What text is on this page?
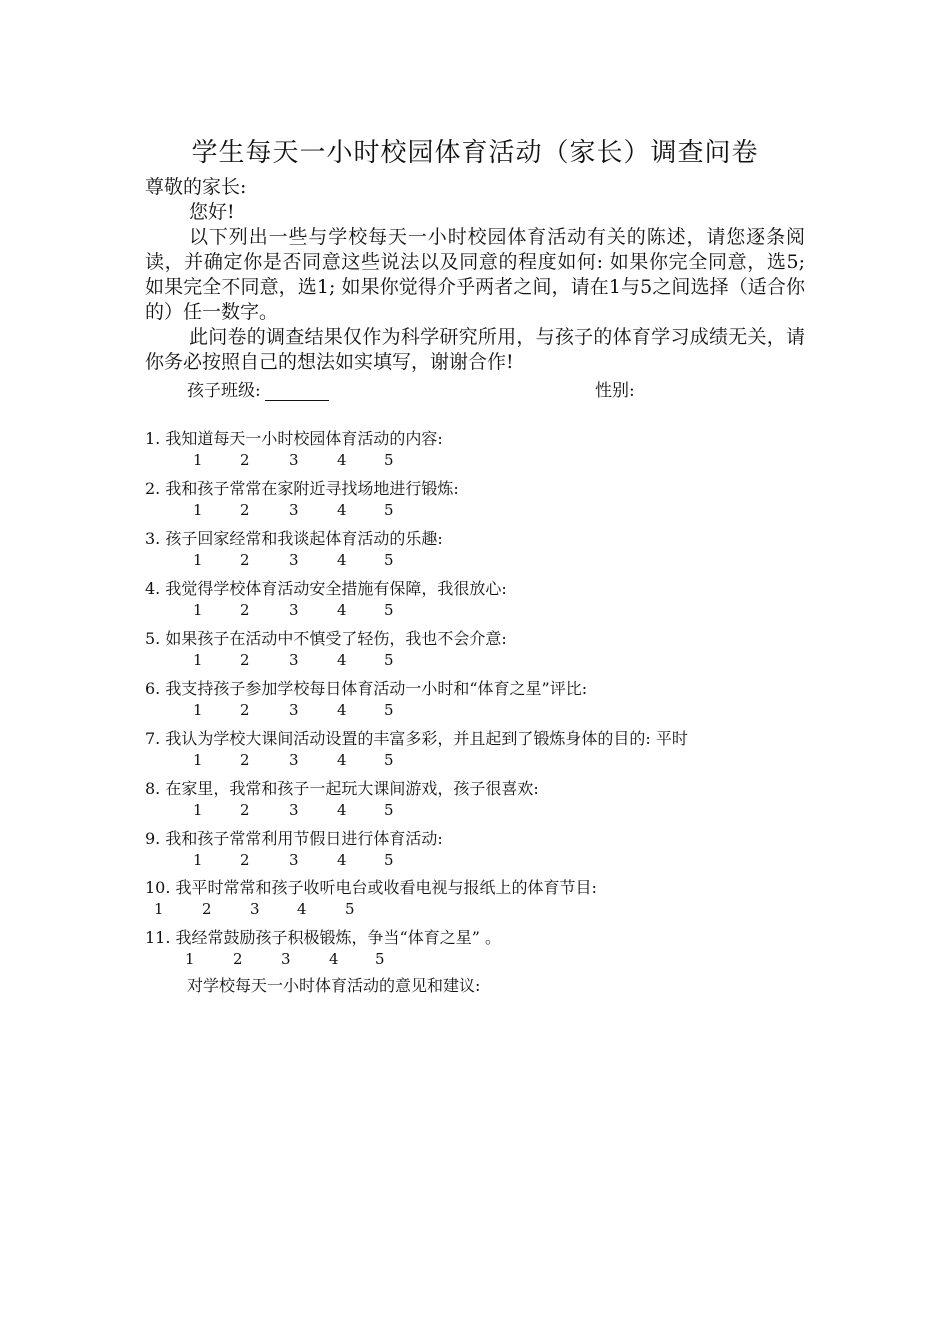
学生每天一小时校园体育活动（家长）调查问卷
尊敬的家长:
您好!
以下列出一些与学校每天一小时校园体育活动有关的陈述，请您逐条阅读，并确定你是否同意这些说法以及同意的程度如何: 如果你完全同意，选5; 如果完全不同意，选1; 如果你觉得介乎两者之间，请在1与5之间选择（适合你的）任一数字。
此问卷的调查结果仅作为科学研究所用，与孩子的体育学习成绩无关，请你务必按照自己的想法如实填写，谢谢合作!
孩子班级:	性别:
1. 我知道每天一小时校园体育活动的内容:
1 2	3	4 5
2. 我和孩子常常在家附近寻找场地进行锻炼:
1 2	3	4 5
3. 孩子回家经常和我谈起体育活动的乐趣:
1 2	3	4 5
4. 我觉得学校体育活动安全措施有保障，我很放心:
1 2	3	4 5
5. 如果孩子在活动中不慎受了轻伤，我也不会介意:
1 2	3	4 5
6. 我支持孩子参加学校每日体育活动一小时和“体育之星”评比:
1 2	3	4 5
7. 我认为学校大课间活动设置的丰富多彩，并且起到了锻炼身体的目的: 平时
1 2	3	4 5
8. 在家里，我常和孩子一起玩大课间游戏，孩子很喜欢:
1 2	3	4 5
9. 我和孩子常常利用节假日进行体育活动:
1 2	3	4 5
10. 我平时常常和孩子收听电台或收看电视与报纸上的体育节目:
1	2	3 4	5
11. 我经常鼓励孩子积极锻炼，争当“体育之星” 。
1	2	3	4 5
对学校每天一小时体育活动的意见和建议:
